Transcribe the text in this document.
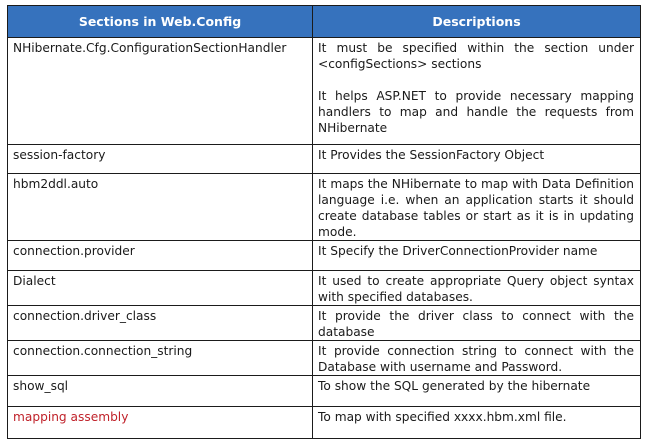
Sections in Web.Config	Descriptions
NHibernate.Cfg.ConfigurationSectionHandler	It must be specified within the section under <configSections> sections
It helps ASP.NET to provide necessary mapping handlers to map and handle the requests from NHibernate

session-factory	It Provides the SessionFactory Object
hbm2ddl.auto	It maps the NHibernate to map with Data Definition language i.e. when an application starts it should create database tables or start as it is in updating mode.
connection.provider	It Specify the DriverConnectionProvider name
Dialect	It used to create appropriate Query object syntax with specified databases.
connection.driver_class	It provide the driver class to connect with the database
connection.connection_string	It provide connection string to connect with the Database with username and Password.
show_sql	To show the SQL generated by the hibernate
mapping assembly	To map with specified xxxx.hbm.xml file.
